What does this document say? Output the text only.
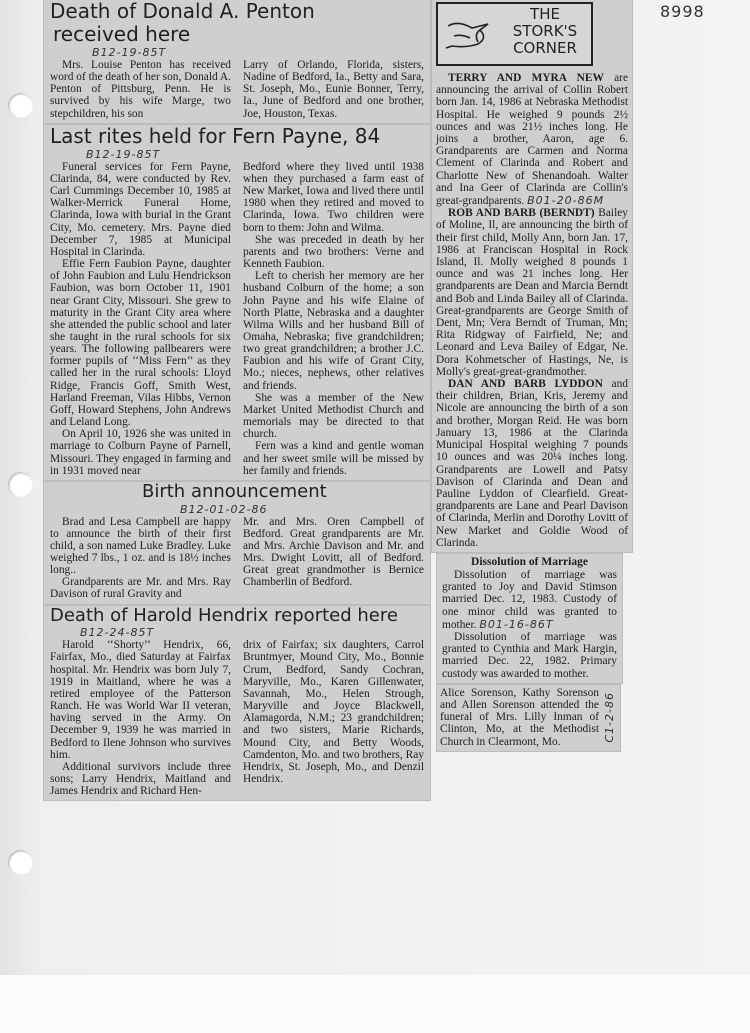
8998
Death of Donald A. Penton
received here
B12-19-85T

Mrs. Louise Penton has received word of the death of her son, Donald A. Penton of Pittsburg, Penn. He is survived by his wife Marge, two stepchildren, his son

Larry of Orlando, Florida, sisters, Nadine of Bedford, Ia., Betty and Sara, St. Joseph, Mo., Eunie Bonner, Terry, Ia., June of Bedford and one brother, Joe, Houston, Texas.

Last rites held for Fern Payne, 84
B12-19-85T

Funeral services for Fern Payne, Clarinda, 84, were conducted by Rev. Carl Cummings December 10, 1985 at Walker-Merrick Funeral Home, Clarinda, Iowa with burial in the Grant City, Mo. cemetery. Mrs. Payne died December 7, 1985 at Municipal Hospital in Clarinda.

Effie Fern Faubion Payne, daughter of John Faubion and Lulu Hendrickson Faubion, was born October 11, 1901 near Grant City, Missouri. She grew to maturity in the Grant City area where she attended the public school and later she taught in the rural schools for six years. The following pallbearers were former pupils of ‘‘Miss Fern’’ as they called her in the rural schools: Lloyd Ridge, Francis Goff, Smith West, Harland Freeman, Vilas Hibbs, Vernon Goff, Howard Stephens, John Andrews and Leland Long.

On April 10, 1926 she was united in marriage to Colburn Payne of Parnell, Missouri. They engaged in farming and in 1931 moved near

Bedford where they lived until 1938 when they purchased a farm east of New Market, Iowa and lived there until 1980 when they retired and moved to Clarinda, Iowa. Two children were born to them: John and Wilma.

She was preceded in death by her parents and two brothers: Verne and Kenneth Faubion.

Left to cherish her memory are her husband Colburn of the home; a son John Payne and his wife Elaine of North Platte, Nebraska and a daughter Wilma Wills and her husband Bill of Omaha, Nebraska; five grandchildren; two great grandchildren; a brother J.C. Faubion and his wife of Grant City, Mo.; nieces, nephews, other relatives and friends.

She was a member of the New Market United Methodist Church and memorials may be directed to that church.

Fern was a kind and gentle woman and her sweet smile will be missed by her family and friends.

Birth announcement
B12-01-02-86

Brad and Lesa Campbell are happy to announce the birth of their first child, a son named Luke Bradley. Luke weighed 7 lbs., 1 oz. and is 18½ inches long..

Grandparents are Mr. and Mrs. Ray Davison of rural Gravity and

Mr. and Mrs. Oren Campbell of Bedford. Great grandparents are Mr. and Mrs. Archie Davison and Mr. and Mrs. Dwight Lovitt, all of Bedford. Great great grandmother is Bernice Chamberlin of Bedford.

Death of Harold Hendrix reported here
B12-24-85T

Harold ‘‘Shorty’’ Hendrix, 66, Fairfax, Mo., died Saturday at Fairfax hospital. Mr. Hendrix was born July 7, 1919 in Maitland, where he was a retired employee of the Patterson Ranch. He was World War II veteran, having served in the Army. On December 9, 1939 he was married in Bedford to Ilene Johnson who survives him.

Additional survivors include three sons; Larry Hendrix, Maitland and James Hendrix and Richard Hen-

drix of Fairfax; six daughters, Carrol Bruntmyer, Mound City, Mo., Bonnie Crum, Bedford, Sandy Cochran, Maryville, Mo., Karen Gillenwater, Savannah, Mo., Helen Strough, Maryville and Joyce Blackwell, Alamagorda, N.M.; 23 grandchildren; and two sisters, Marie Richards, Mound City, and Betty Woods, Camdenton, Mo. and two brothers, Ray Hendrix, St. Joseph, Mo., and Denzil Hendrix.

THE
STORK'S
CORNER

TERRY AND MYRA NEW are announcing the arrival of Collin Robert born Jan. 14, 1986 at Nebraska Methodist Hospital. He weighed 9 pounds 2½ ounces and was 21½ inches long. He joins a brother, Aaron, age 6. Grandparents are Carmen and Norma Clement of Clarinda and Robert and Charlotte New of Shenandoah. Walter and Ina Geer of Clarinda are Collin's great-grandparents. B01-20-86M

ROB AND BARB (BERNDT) Bailey of Moline, Il, are announcing the birth of their first child, Molly Ann, born Jan. 17, 1986 at Franciscan Hospital in Rock Island, Il. Molly weighed 8 pounds 1 ounce and was 21 inches long. Her grandparents are Dean and Marcia Berndt and Bob and Linda Bailey all of Clarinda. Great-grandparents are George Smith of Dent, Mn; Vera Berndt of Truman, Mn; Rita Ridgway of Fairfield, Ne; and Leonard and Leva Bailey of Edgar, Ne. Dora Kohmetscher of Hastings, Ne, is Molly's great-great-grandmother.

DAN AND BARB LYDDON and their children, Brian, Kris, Jeremy and Nicole are announcing the birth of a son and brother, Morgan Reid. He was born January 13, 1986 at the Clarinda Municipal Hospital weighing 7 pounds 10 ounces and was 20¼ inches long. Grandparents are Lowell and Patsy Davison of Clarinda and Dean and Pauline Lyddon of Clearfield. Great-grandparents are Lane and Pearl Davison of Clarinda, Merlin and Dorothy Lovitt of New Market and Goldie Wood of Clarinda.

Dissolution of Marriage

Dissolution of marriage was granted to Joy and David Stimson married Dec. 12, 1983. Custody of one minor child was granted to mother. B01-16-86T

Dissolution of marriage was granted to Cynthia and Mark Hargin, married Dec. 22, 1982. Primary custody was awarded to mother.

Alice Sorenson, Kathy Sorenson and Allen Sorenson attended the funeral of Mrs. Lilly Inman of Clinton, Mo, at the Methodist Church in Clearmont, Mo.	C1-2-86
